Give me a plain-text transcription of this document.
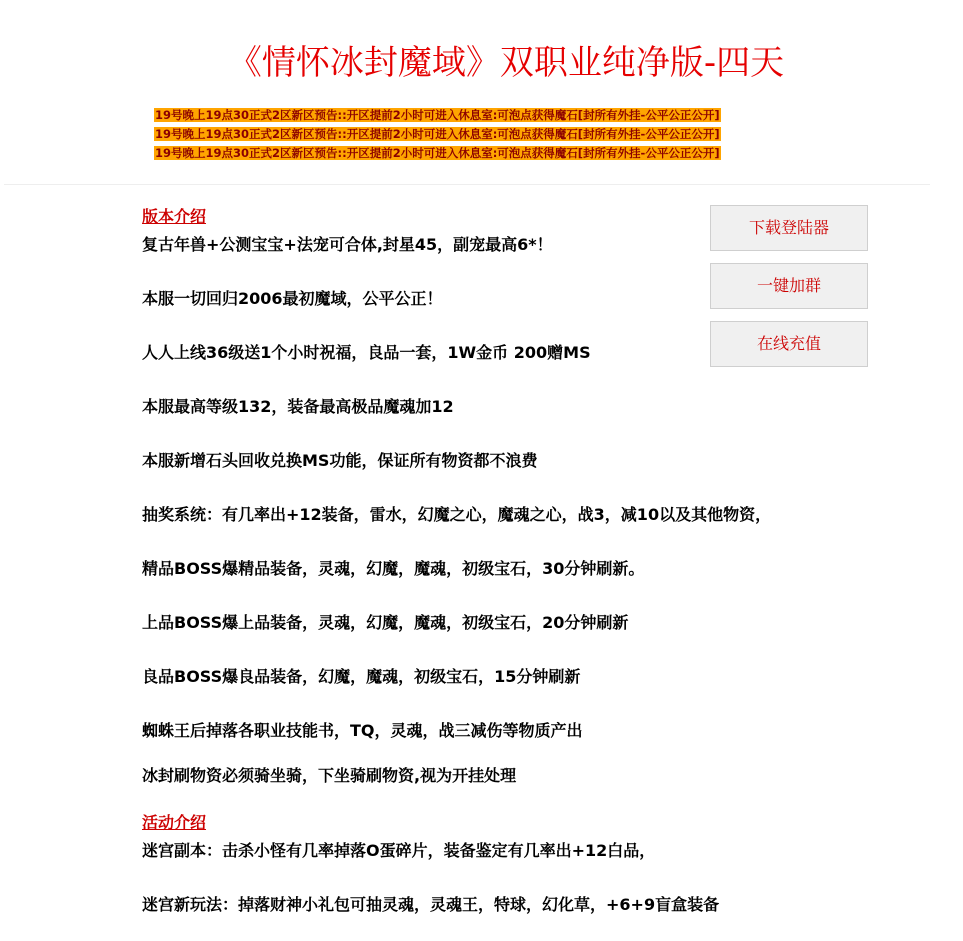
《情怀冰封魔域》双职业纯净版-四天
19号晚上19点30正式2区新区预告::开区提前2小时可进入休息室:可泡点获得魔石[封所有外挂-公平公正公开]
19号晚上19点30正式2区新区预告::开区提前2小时可进入休息室:可泡点获得魔石[封所有外挂-公平公正公开]
19号晚上19点30正式2区新区预告::开区提前2小时可进入休息室:可泡点获得魔石[封所有外挂-公平公正公开]
下载登陆器
一键加群
在线充值
版本介绍
复古年兽+公测宝宝+法宠可合体,封星45，副宠最高6*！
本服一切回归2006最初魔域，公平公正！
人人上线36级送1个小时祝福，良品一套，1W金币 200赠MS
本服最高等级132，装备最高极品魔魂加12
本服新增石头回收兑换MS功能，保证所有物资都不浪费
抽奖系统：有几率出+12装备，雷水，幻魔之心，魔魂之心，战3，减10以及其他物资，
精品BOSS爆精品装备，灵魂，幻魔，魔魂，初级宝石，30分钟刷新。
上品BOSS爆上品装备，灵魂，幻魔，魔魂，初级宝石，20分钟刷新
良品BOSS爆良品装备，幻魔，魔魂，初级宝石，15分钟刷新
蜘蛛王后掉落各职业技能书，TQ，灵魂，战三减伤等物质产出
冰封刷物资必须骑坐骑，下坐骑刷物资,视为开挂处理
活动介绍
迷宫副本：击杀小怪有几率掉落O蛋碎片，装备鉴定有几率出+12白品，
迷宫新玩法：掉落财神小礼包可抽灵魂，灵魂王，特球，幻化草，+6+9盲盒装备
